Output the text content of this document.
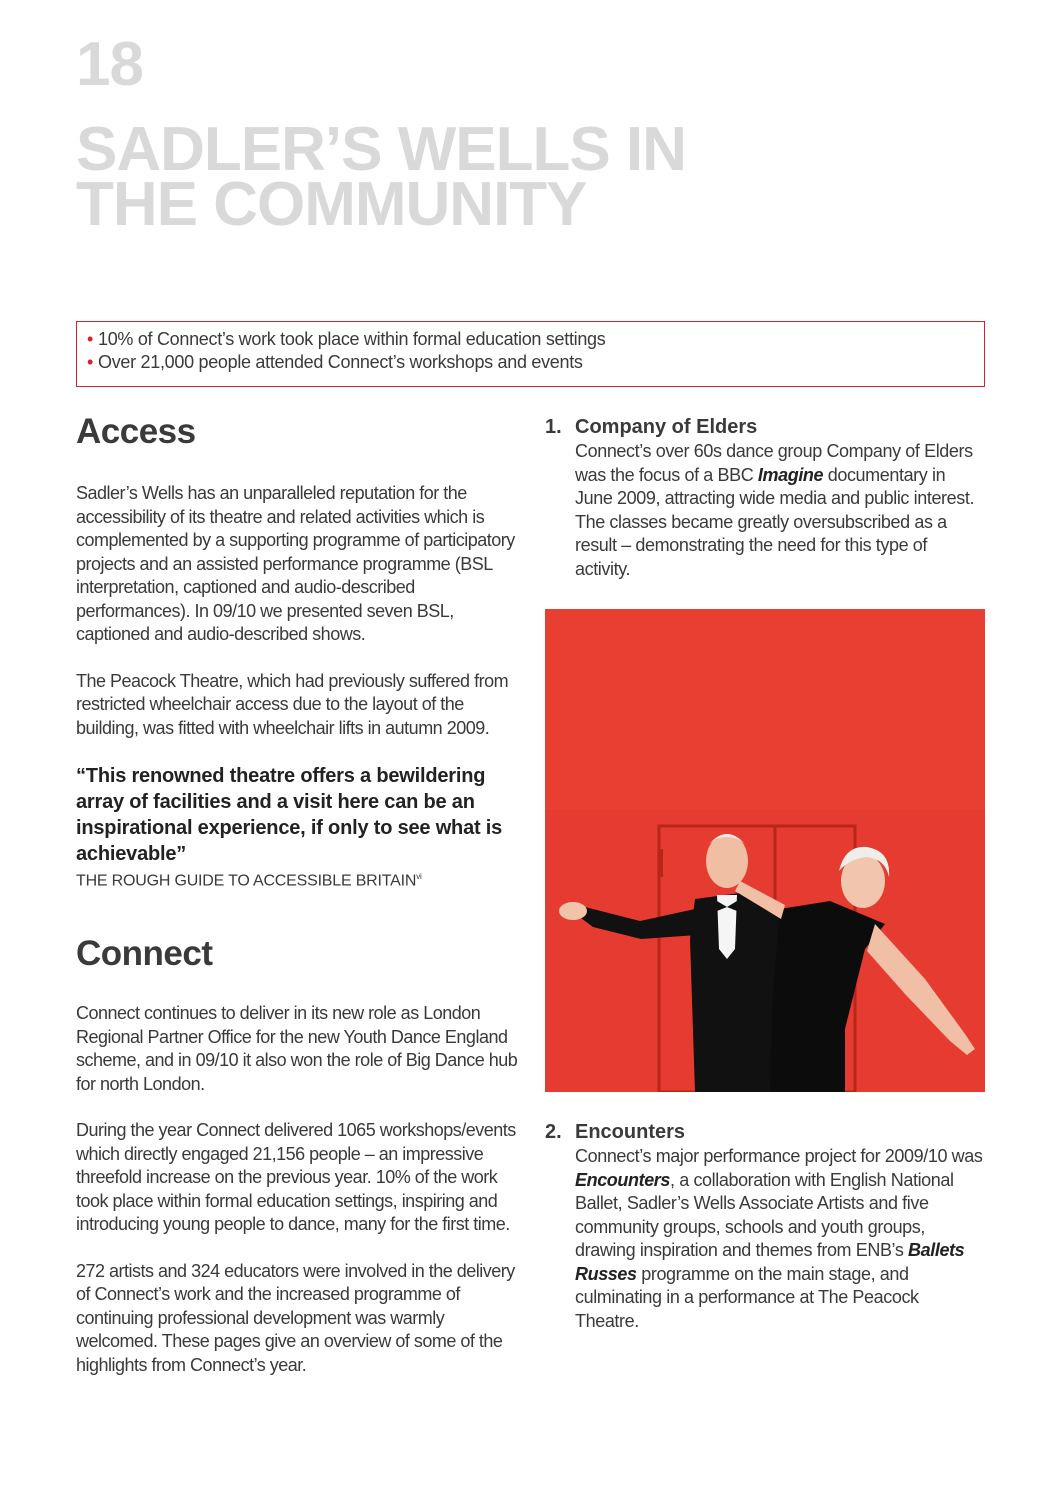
18
SADLER’S WELLS IN
THE COMMUNITY
• 10% of Connect’s work took place within formal education settings
• Over 21,000 people attended Connect’s workshops and events
Access

Sadler’s Wells has an unparalleled reputation for the accessibility of its theatre and related activities which is complemented by a supporting programme of participatory projects and an assisted performance programme (BSL interpretation, captioned and audio-described performances). In 09/10 we presented seven BSL, captioned and audio-described shows.

The Peacock Theatre, which had previously suffered from restricted wheelchair access due to the layout of the building, was fitted with wheelchair lifts in autumn 2009.

“This renowned theatre offers a bewildering array of facilities and a visit here can be an inspirational experience, if only to see what is achievable”

THE ROUGH GUIDE TO ACCESSIBLE BRITAIN$^{vi}$

Connect

Connect continues to deliver in its new role as London Regional Partner Office for the new Youth Dance England scheme, and in 09/10 it also won the role of Big Dance hub for north London.

During the year Connect delivered 1065 workshops/events which directly engaged 21,156 people – an impressive threefold increase on the previous year. 10% of the work took place within formal education settings, inspiring and introducing young people to dance, many for the first time.

272 artists and 324 educators were involved in the delivery of Connect’s work and the increased programme of continuing professional development was warmly welcomed. These pages give an overview of some of the highlights from Connect’s year.

1. Company of Elders

Connect’s over 60s dance group Company of Elders was the focus of a BBC Imagine documentary in June 2009, attracting wide media and public interest. The classes became greatly oversubscribed as a result – demonstrating the need for this type of activity.

2. Encounters

Connect’s major performance project for 2009/10 was Encounters, a collaboration with English National Ballet, Sadler’s Wells Associate Artists and five community groups, schools and youth groups, drawing inspiration and themes from ENB’s Ballets Russes programme on the main stage, and culminating in a performance at The Peacock Theatre.
